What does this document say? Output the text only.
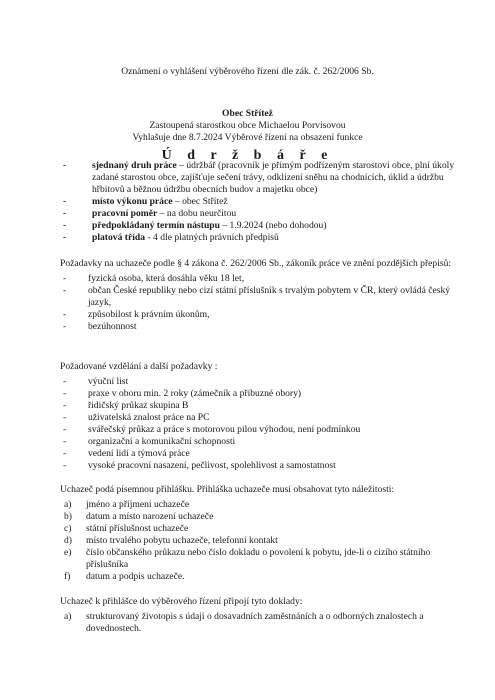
Oznámení o vyhlášení výběrového řízení dle zák. č. 262/2006 Sb.
Obec Střítež
Zastoupená starostkou obce Michaelou Porvisovou
Vyhlašuje dne 8.7.2024 Výběrové řízení na obsazení funkce
Ú d r ž b á ř e
- sjednaný druh práce – údržbář (pracovník je přímým podřízeným starostovi obce, plní úkoly zadané starostou obce, zajišťuje sečení trávy, odklizení sněhu na chodnících, úklid a údržbu hřbitovů a běžnou údržbu obecních budov a majetku obce)
- místo výkonu práce – obec Střítež
- pracovní poměr – na dobu neurčitou
- předpokládaný termín nástupu – 1.9.2024 (nebo dohodou)
- platová třída - 4 dle platných právních předpisů

Požadavky na uchazeče podle § 4 zákona č. 262/2006 Sb., zákoník práce ve znění pozdějších přepisů:

- fyzická osoba, která dosáhla věku 18 let,
- občan České republiky nebo cizí státní příslušník s trvalým pobytem v ČR, který ovládá český jazyk,
- způsobilost k právním úkonům,
- bezúhonnost

Požadované vzdělání a další požadavky :

- výuční list
- praxe v oboru min. 2 roky (zámečník a příbuzné obory)
- řidičský průkaz skupina B
- uživatelská znalost práce na PC
- svářečský průkaz a práce s motorovou pilou výhodou, není podmínkou
- organizační a komunikační schopnosti
- vedení lidí a týmová práce
- vysoké pracovní nasazení, pečlivost, spolehlivost a samostatnost

Uchazeč podá písemnou přihlášku. Přihláška uchazeče musí obsahovat tyto náležitosti:

a) jméno a příjmení uchazeče
b) datum a místo narození uchazeče
c) státní příslušnost uchazeče
d) místo trvalého pobytu uchazeče, telefonní kontakt
e) číslo občanského průkazu nebo číslo dokladu o povolení k pobytu, jde-li o cizího státního příslušníka
f) datum a podpis uchazeče.

Uchazeč k přihlášce do výběrového řízení připojí tyto doklady:

a) strukturovaný životopis s údaji o dosavadních zaměstnáních a o odborných znalostech a dovednostech.
